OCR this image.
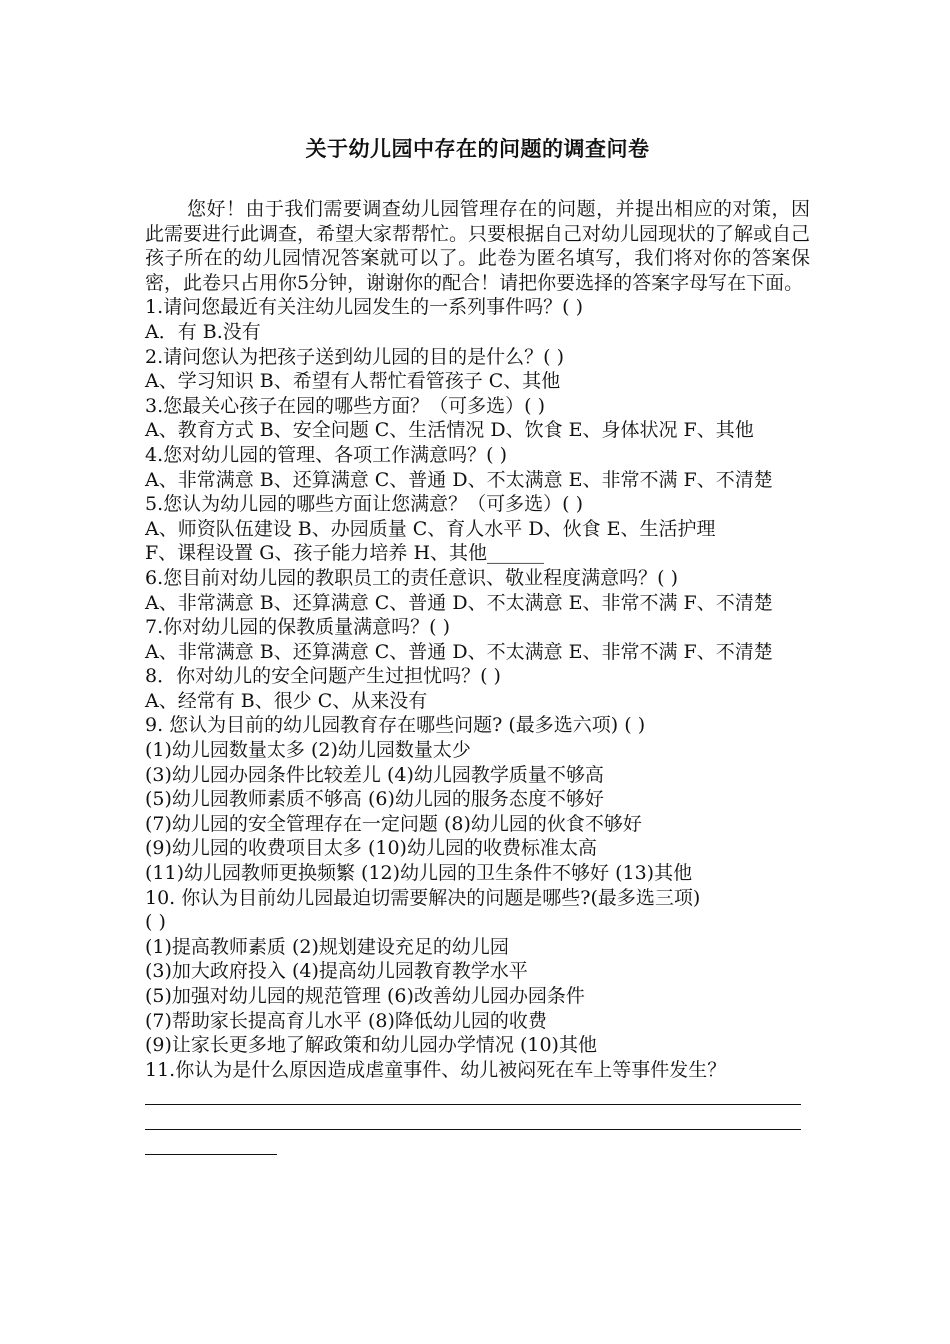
关于幼儿园中存在的问题的调查问卷

您好！由于我们需要调查幼儿园管理存在的问题，并提出相应的对策，因此需要进行此调查，希望大家帮帮忙。只要根据自己对幼儿园现状的了解或自己孩子所在的幼儿园情况答案就可以了。此卷为匿名填写，我们将对你的答案保密，此卷只占用你5分钟，谢谢你的配合！请把你要选择的答案字母写在下面。

1.请问您最近有关注幼儿园发生的一系列事件吗？( )

A．有 B.没有

2.请问您认为把孩子送到幼儿园的目的是什么？( )

A、学习知识 B、希望有人帮忙看管孩子 C、其他

3.您最关心孩子在园的哪些方面？（可多选）( )

A、教育方式 B、安全问题 C、生活情况 D、饮食 E、身体状况 F、其他

4.您对幼儿园的管理、各项工作满意吗？( )

A、非常满意 B、还算满意 C、普通 D、不太满意 E、非常不满 F、不清楚

5.您认为幼儿园的哪些方面让您满意？（可多选）( )

A、师资队伍建设 B、办园质量 C、育人水平 D、伙食 E、生活护理

F、课程设置 G、孩子能力培养 H、其他______

6.您目前对幼儿园的教职员工的责任意识、敬业程度满意吗？( )

A、非常满意 B、还算满意 C、普通 D、不太满意 E、非常不满 F、不清楚

7.你对幼儿园的保教质量满意吗？( )

A、非常满意 B、还算满意 C、普通 D、不太满意 E、非常不满 F、不清楚

8．你对幼儿的安全问题产生过担忧吗？( )

A、经常有 B、很少 C、从来没有

9. 您认为目前的幼儿园教育存在哪些问题? (最多选六项) ( )

(1)幼儿园数量太多 (2)幼儿园数量太少

(3)幼儿园办园条件比较差儿 (4)幼儿园教学质量不够高

(5)幼儿园教师素质不够高 (6)幼儿园的服务态度不够好

(7)幼儿园的安全管理存在一定问题 (8)幼儿园的伙食不够好

(9)幼儿园的收费项目太多 (10)幼儿园的收费标准太高

(11)幼儿园教师更换频繁 (12)幼儿园的卫生条件不够好 (13)其他

10. 你认为目前幼儿园最迫切需要解决的问题是哪些?(最多选三项)

( )

(1)提高教师素质 (2)规划建设充足的幼儿园

(3)加大政府投入 (4)提高幼儿园教育教学水平

(5)加强对幼儿园的规范管理 (6)改善幼儿园办园条件

(7)帮助家长提高育儿水平 (8)降低幼儿园的收费

(9)让家长更多地了解政策和幼儿园办学情况 (10)其他

11.你认为是什么原因造成虐童事件、幼儿被闷死在车上等事件发生？
